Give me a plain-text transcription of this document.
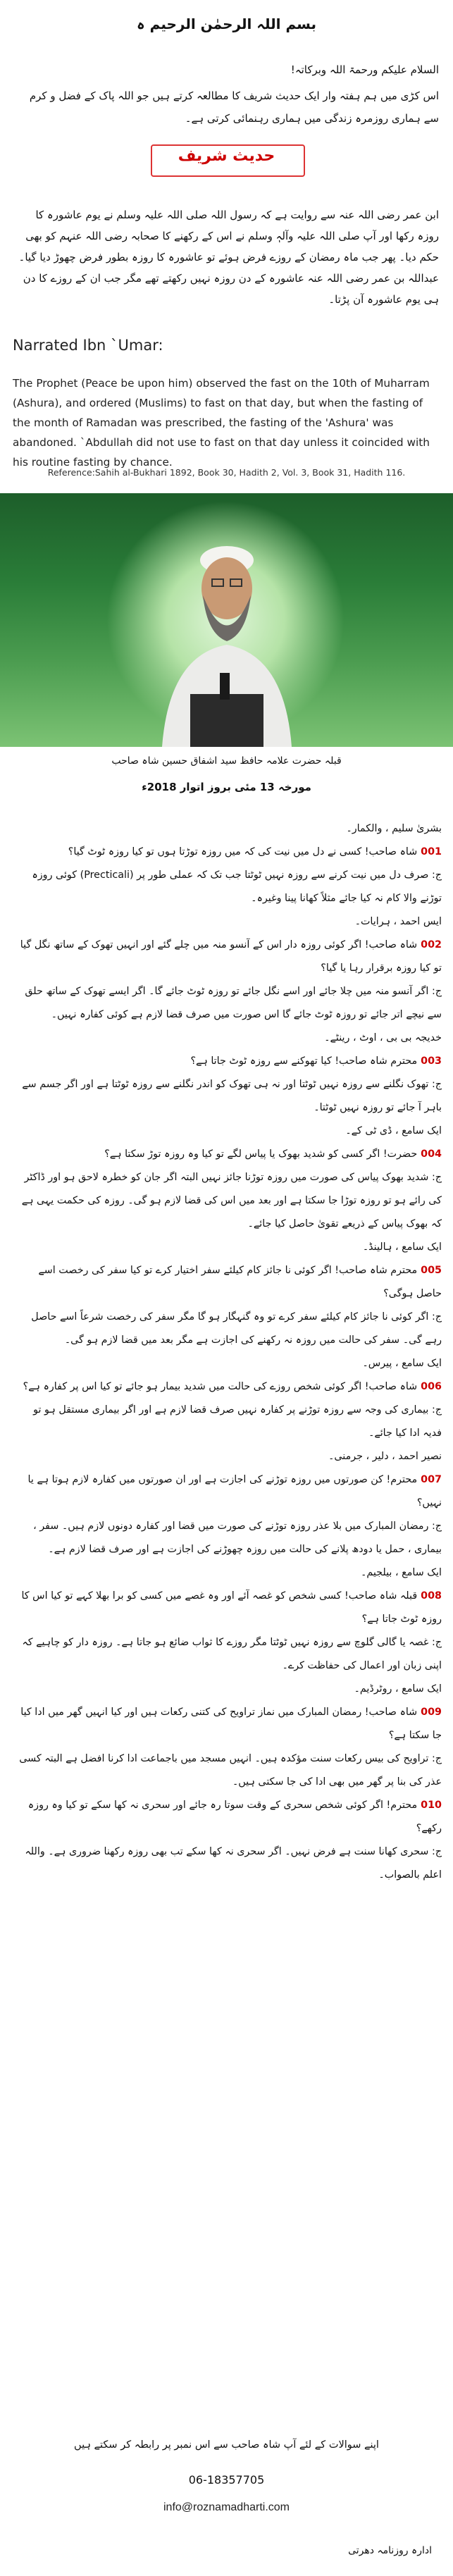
بسم اللہ الرحمٰن الرحیم ہ
السلام علیکم ورحمۃ اللہ وبرکاتہ!
اس کڑی میں ہم ہفتہ وار ایک حدیث شریف کا مطالعہ کرتے ہیں جو اللہ پاک کے فضل و کرم سے ہماری روزمرہ زندگی میں ہماری رہنمائی کرتی ہے۔
حدیث شریف
ابن عمر رضی اللہ عنہ سے روایت ہے کہ رسول اللہ صلی اللہ علیہ وسلم نے یوم عاشورہ کا روزہ رکھا اور آپ صلی اللہ علیہ وآلہٖ وسلم نے اس کے رکھنے کا صحابہ رضی اللہ عنہم کو بھی حکم دیا۔ پھر جب ماہ رمضان کے روزے فرض ہوئے تو عاشورہ کا روزہ بطور فرض چھوڑ دیا گیا۔ عبداللہ بن عمر رضی اللہ عنہ عاشورہ کے دن روزہ نہیں رکھتے تھے مگر جب ان کے روزے کا دن ہی یوم عاشورہ آن پڑتا۔
Narrated Ibn `Umar:
The Prophet (Peace be upon him) observed the fast on the 10th of Muharram (Ashura), and ordered (Muslims) to fast on that day, but when the fasting of the month of Ramadan was prescribed, the fasting of the 'Ashura' was abandoned. `Abdullah did not use to fast on that day unless it coincided with his routine fasting by chance.
Reference:Sahih al-Bukhari 1892, Book 30, Hadith 2, Vol. 3, Book 31, Hadith 116.
قبلہ حضرت علامہ حافظ سید اشفاق حسین شاہ صاحب
مورخہ 13 مئی بروز اتوار 2018ء

بشریٰ سلیم ، والکمار۔

001 شاہ صاحب! کسی نے دل میں نیت کی کہ میں روزہ توڑتا ہوں تو کیا روزہ ٹوٹ گیا؟

ج: صرف دل میں نیت کرنے سے روزہ نہیں ٹوٹتا جب تک کہ عملی طور پر (Precticali) کوئی روزہ توڑنے والا کام نہ کیا جائے مثلاً کھانا پینا وغیرہ۔

ایس احمد ، ہرایات۔

002 شاہ صاحب! اگر کوئی روزہ دار اس کے آنسو منہ میں چلے گئے اور انہیں تھوک کے ساتھ نگل گیا تو کیا روزہ برقرار رہا یا گیا؟

ج: اگر آنسو منہ میں چلا جائے اور اسے نگل جائے تو روزہ ٹوٹ جائے گا۔ اگر ایسے تھوک کے ساتھ حلق سے نیچے اتر جائے تو روزہ ٹوٹ جائے گا اس صورت میں صرف قضا لازم ہے کوئی کفارہ نہیں۔

خدیجہ بی بی ، اوٹ ، رینٹے۔

003 محترم شاہ صاحب! کیا تھوکنے سے روزہ ٹوٹ جاتا ہے؟

ج: تھوک نگلنے سے روزہ نہیں ٹوٹتا اور نہ ہی تھوک کو اندر نگلنے سے روزہ ٹوٹتا ہے اور اگر جسم سے باہر آ جائے تو روزہ نہیں ٹوٹتا۔

ایک سامع ، ڈی ٹی کے۔

004 حضرت! اگر کسی کو شدید بھوک یا پیاس لگے تو کیا وہ روزہ توڑ سکتا ہے؟

ج: شدید بھوک پیاس کی صورت میں روزہ توڑنا جائز نہیں البتہ اگر جان کو خطرہ لاحق ہو اور ڈاکٹر کی رائے ہو تو روزہ توڑا جا سکتا ہے اور بعد میں اس کی قضا لازم ہو گی۔ روزہ کی حکمت یہی ہے کہ بھوک پیاس کے ذریعے تقویٰ حاصل کیا جائے۔

ایک سامع ، ہالینڈ۔

005 محترم شاہ صاحب! اگر کوئی نا جائز کام کیلئے سفر اختیار کرے تو کیا سفر کی رخصت اسے حاصل ہوگی؟

ج: اگر کوئی نا جائز کام کیلئے سفر کرے تو وہ گنہگار ہو گا مگر سفر کی رخصت شرعاً اسے حاصل رہے گی۔ سفر کی حالت میں روزہ نہ رکھنے کی اجازت ہے مگر بعد میں قضا لازم ہو گی۔

ایک سامع ، پیرس۔

006 شاہ صاحب! اگر کوئی شخص روزے کی حالت میں شدید بیمار ہو جائے تو کیا اس پر کفارہ ہے؟

ج: بیماری کی وجہ سے روزہ توڑنے پر کفارہ نہیں صرف قضا لازم ہے اور اگر بیماری مستقل ہو تو فدیہ ادا کیا جائے۔

نصیر احمد ، دلیر ، جرمنی۔

007 محترم! کن صورتوں میں روزہ توڑنے کی اجازت ہے اور ان صورتوں میں کفارہ لازم ہوتا ہے یا نہیں؟

ج: رمضان المبارک میں بلا عذر روزہ توڑنے کی صورت میں قضا اور کفارہ دونوں لازم ہیں۔ سفر ، بیماری ، حمل یا دودھ پلانے کی حالت میں روزہ چھوڑنے کی اجازت ہے اور صرف قضا لازم ہے۔

ایک سامع ، بیلجیم۔

008 قبلہ شاہ صاحب! کسی شخص کو غصہ آئے اور وہ غصے میں کسی کو برا بھلا کہے تو کیا اس کا روزہ ٹوٹ جاتا ہے؟

ج: غصہ یا گالی گلوچ سے روزہ نہیں ٹوٹتا مگر روزے کا ثواب ضائع ہو جاتا ہے۔ روزہ دار کو چاہیے کہ اپنی زبان اور اعمال کی حفاظت کرے۔

ایک سامع ، روٹرڈیم۔

009 شاہ صاحب! رمضان المبارک میں نماز تراویح کی کتنی رکعات ہیں اور کیا انہیں گھر میں ادا کیا جا سکتا ہے؟

ج: تراویح کی بیس رکعات سنت مؤکدہ ہیں۔ انہیں مسجد میں باجماعت ادا کرنا افضل ہے البتہ کسی عذر کی بنا پر گھر میں بھی ادا کی جا سکتی ہیں۔

010 محترم! اگر کوئی شخص سحری کے وقت سوتا رہ جائے اور سحری نہ کھا سکے تو کیا وہ روزہ رکھے؟

ج: سحری کھانا سنت ہے فرض نہیں۔ اگر سحری نہ کھا سکے تب بھی روزہ رکھنا ضروری ہے۔ واللہ اعلم بالصواب۔

اپنے سوالات کے لئے آپ شاہ صاحب سے اس نمبر پر رابطہ کر سکتے ہیں
06-18357705
info@roznamadharti.com
ادارہ روزنامہ دھرتی
